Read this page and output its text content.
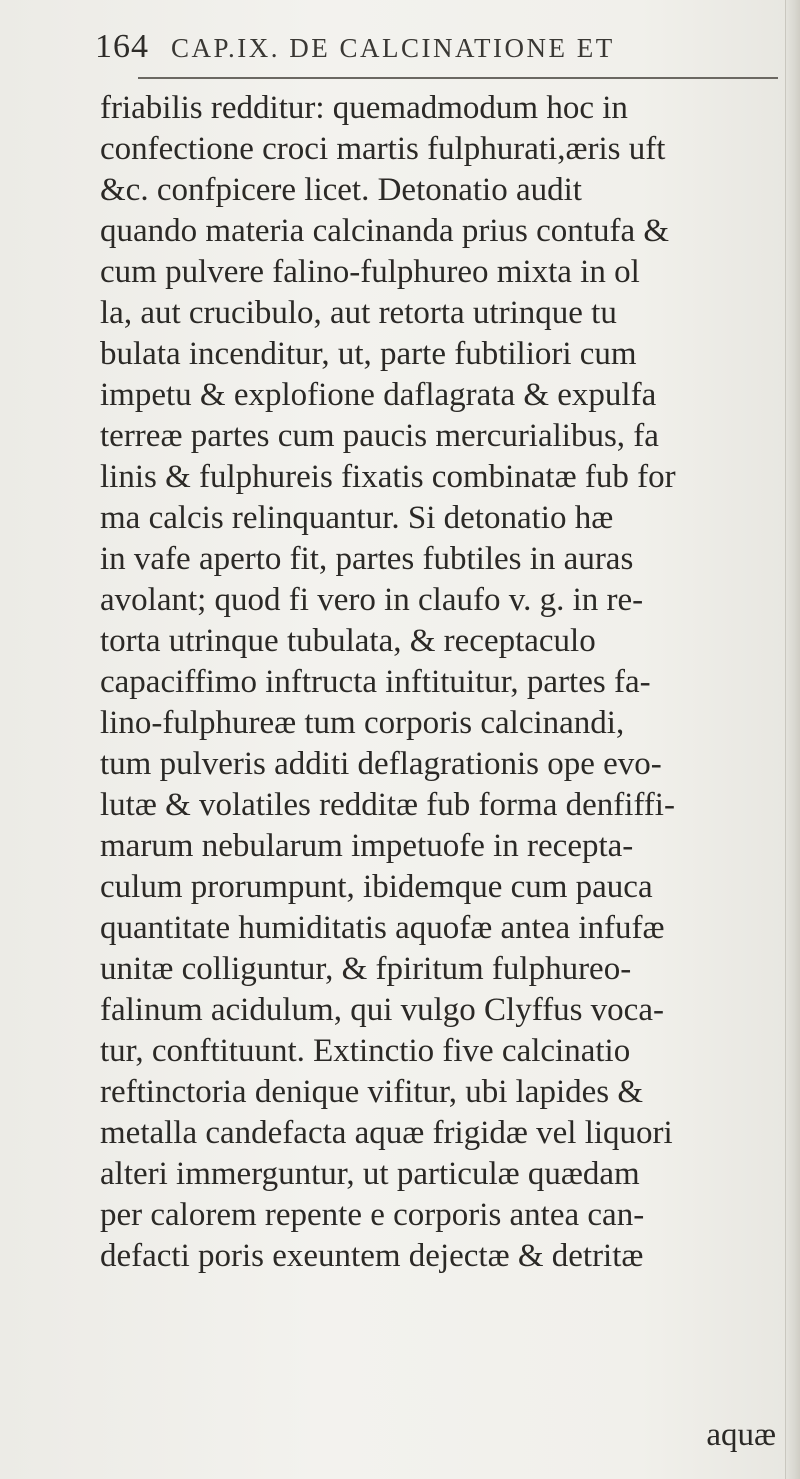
164 CAP.IX. DE CALCINATIONE ET
friabilis redditur: quemadmodum hoc in
confectione croci martis fulphurati,æris uft
&c. confpicere licet. Detonatio audit
quando materia calcinanda prius contufa &
cum pulvere falino-fulphureo mixta in ol
la, aut crucibulo, aut retorta utrinque tu
bulata incenditur, ut, parte fubtiliori cum
impetu & explofione daflagrata & expulfa
terreæ partes cum paucis mercurialibus, fa
linis & fulphureis fixatis combinatæ fub for
ma calcis relinquantur. Si detonatio hæ
in vafe aperto fit, partes fubtiles in auras
avolant; quod fi vero in claufo v. g. in re-
torta utrinque tubulata, & receptaculo
capaciffimo inftructa inftituitur, partes fa-
lino-fulphureæ tum corporis calcinandi,
tum pulveris additi deflagrationis ope evo-
lutæ & volatiles redditæ fub forma denfiffi-
marum nebularum impetuofe in recepta-
culum prorumpunt, ibidemque cum pauca
quantitate humiditatis aquofæ antea infufæ
unitæ colliguntur, & fpiritum fulphureo-
falinum acidulum, qui vulgo Clyffus voca-
tur, conftituunt. Extinctio five calcinatio
reftinctoria denique vifitur, ubi lapides &
metalla candefacta aquæ frigidæ vel liquori
alteri immerguntur, ut particulæ quædam
per calorem repente e corporis antea can-
defacti poris exeuntem dejectæ & detritæ
aquæ
